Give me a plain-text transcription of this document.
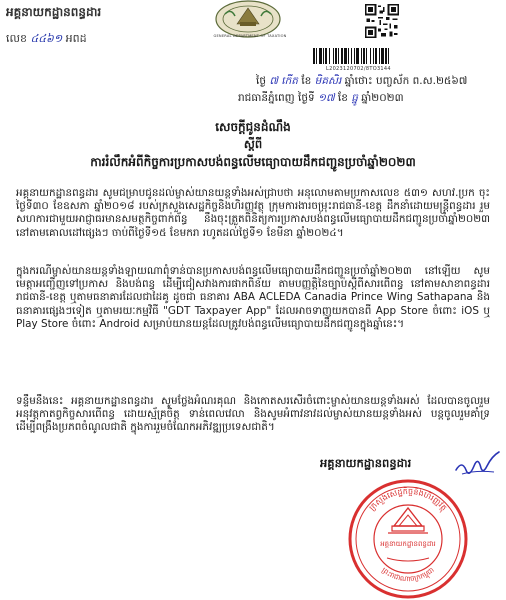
អគ្គនាយកដ្ឋានពន្ធដារ
លេខ ៤៤៦១ អពដ	GENERAL DEPARTMENT OF TAXATION
L2023120702/8TO3144
ថ្ងៃ ៧ កើត ខែ មិគសិរ ឆ្នាំថោះ បញ្ចស័ក ព.ស.២៥៦៧
រាជធានីភ្នំពេញ ថ្ងៃទី ១៧ ខែ ធ្នូ ឆ្នាំ២០២៣
សេចក្តីជូនដំណឹង
ស្តីពី
ការរំលឹកអំពីកិច្ចការប្រកាសបង់ពន្ធលើមធ្យោបាយដឹកជញ្ជូនប្រចាំឆ្នាំ២០២៣
អគ្គនាយកដ្ឋានពន្ធដារ សូមជម្រាបជូនដល់ម្ចាស់យានយន្តទាំងអស់ជ្រាបថា អនុលោមតាមប្រកាសលេខ ៥៣១ សហវ.ប្រក ចុះថ្ងៃទី៣០ ខែឧសភា ឆ្នាំ២០១៨ របស់ក្រសួងសេដ្ឋកិច្ចនិងហិរញ្ញវត្ថុ ក្រុមការងារចម្រុះរាជធានី-ខេត្ត ដឹកនាំដោយមន្ត្រីពន្ធដារ រួមសហការជាមួយអាជ្ញាធរមានសមត្ថកិច្ចពាក់ព័ន្ធ នឹងចុះត្រួតពិនិត្យការប្រកាសបង់ពន្ធលើមធ្យោបាយដឹកជញ្ជូនប្រចាំឆ្នាំ២០២៣ នៅតាមគោលដៅផ្សេងៗ ចាប់ពីថ្ងៃទី១៥ ខែមករា រហូតដល់ថ្ងៃទី១ ខែមីនា ឆ្នាំ២០២៤។
ក្នុងករណីម្ចាស់យានយន្តទាំងឡាយណាពុំទាន់បានប្រកាសបង់ពន្ធលើមធ្យោបាយដឹកជញ្ជូនប្រចាំឆ្នាំ២០២៣ នៅឡើយ សូមមេត្តាអញ្ជើញទៅប្រកាស និងបង់ពន្ធ ដើម្បីជៀសវាងការផាកពិន័យ តាមបញ្ញត្តិនៃច្បាប់ស្តីពីសារពើពន្ធ នៅតាមសាខាពន្ធដាររាជធានី-ខេត្ត ឬតាមធនាគារដែលជាដៃគូ ដូចជា ធនាគារ ABA ACLEDA Canadia Prince Wing Sathapana និងធនាគារផ្សេងៗទៀត ឬតាមរយៈកម្មវិធី "GDT Taxpayer App" ដែលអាចទាញយកបានពី App Store ចំពោះ iOS ឬ Play Store ចំពោះ Android សម្រាប់យានយន្តដែលត្រូវបង់ពន្ធលើមធ្យោបាយដឹកជញ្ជូនក្នុងឆ្នាំនេះ។
ទន្ទឹមនឹងនេះ អគ្គនាយកដ្ឋានពន្ធដារ សូមថ្លែងអំណរគុណ និងកោតសរសើរចំពោះម្ចាស់យានយន្តទាំងអស់ ដែលបានចូលរួមអនុវត្តកាតព្វកិច្ចសារពើពន្ធ ដោយស្ម័គ្រចិត្ត ទាន់ពេលវេលា និងសូមអំពាវនាវដល់ម្ចាស់យានយន្តទាំងអស់ បន្តចូលរួមគាំទ្រ ដើម្បីពង្រឹងប្រភពចំណូលជាតិ ក្នុងការរួមចំណែកអភិវឌ្ឍប្រទេសជាតិ។
អគ្គនាយកដ្ឋានពន្ធដារ
ក្រសួងសេដ្ឋកិច្ចនិងហិរញ្ញវត្ថុ
ព្រះរាជាណាចក្រកម្ពុជា
អគ្គនាយកដ្ឋានពន្ធដារ
